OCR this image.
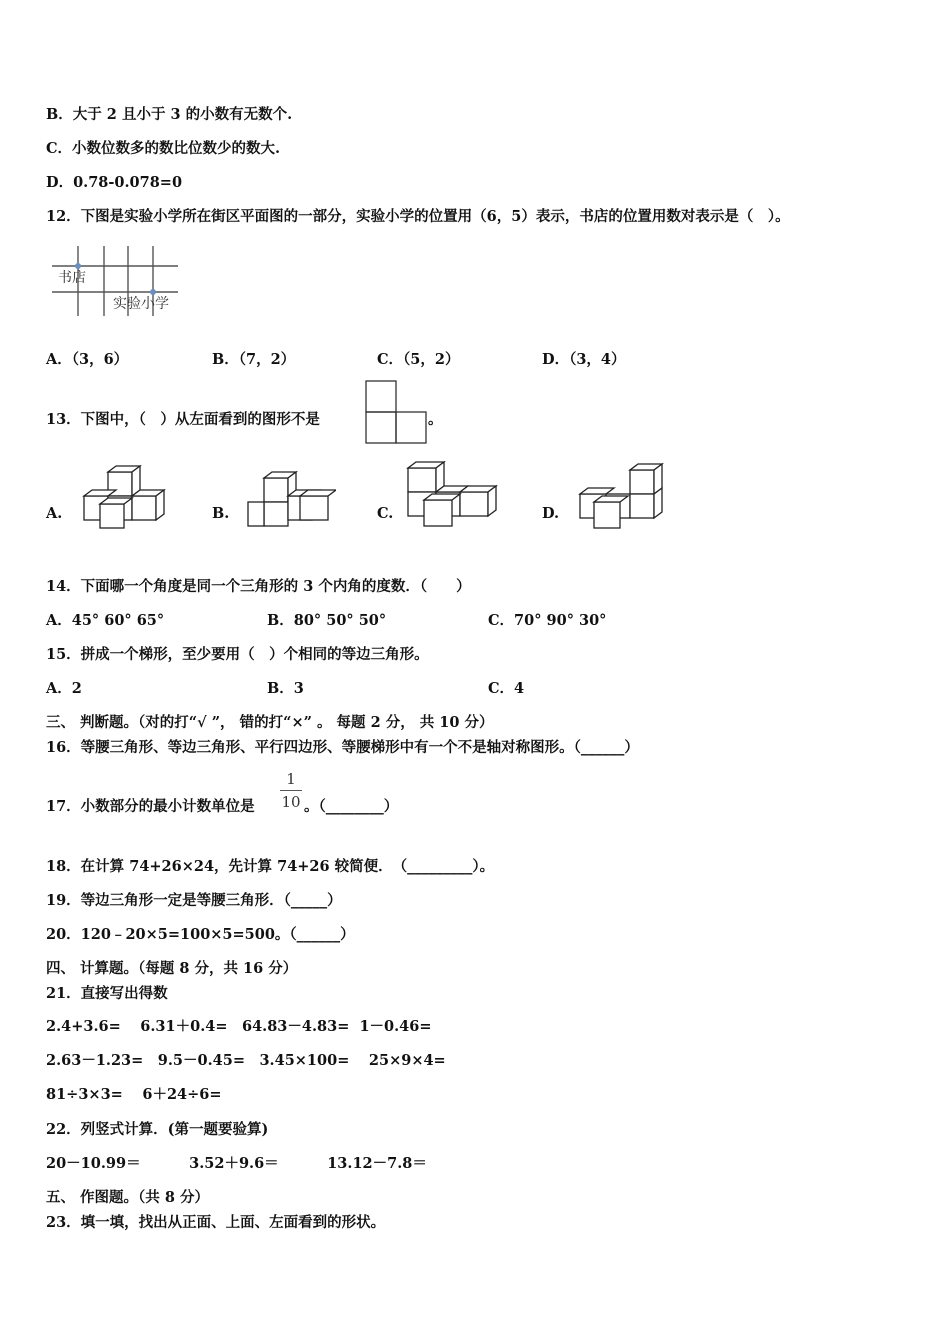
B．大于 2 且小于 3 的小数有无数个.
C．小数位数多的数比位数少的数大.
D．0.78-0.078=0
12．下图是实验小学所在街区平面图的一部分，实验小学的位置用（6，5）表示，书店的位置用数对表示是（　）。
书店
实验小学
A．（3，6）	B．（7，2）	C．（5，2）	D．（3，4）
13．下图中，（　）从左面看到的图形不是	。
A.	B.	C.	D.
14．下面哪一个角度是同一个三角形的 3 个内角的度数．（　　）
A．45° 60° 65°	B．80° 50° 50°	C．70° 90° 30°
15．拼成一个梯形，至少要用（　）个相同的等边三角形。
A．2	B．3	C．4
三、 判断题。（对的打“√ ”， 错的打“×” 。 每题 2 分， 共 10 分）
16．等腰三角形、等边三角形、平行四边形、等腰梯形中有一个不是轴对称图形。（______）
17．小数部分的最小计数单位是
1
10 。（________）
18．在计算 74+26×24，先计算 74+26 较简便．　（_________）。
19．等边三角形一定是等腰三角形．（_____）
20．120﹣20×5=100×5=500。（______）
四、 计算题。（每题 8 分，共 16 分）
21．直接写出得数
2.4+3.6=　 6.31＋0.4=　64.83－4.83=  1－0.46=
2.63－1.23=　9.5－0.45=　3.45×100=　 25×9×4=
81÷3×3=　 6＋24÷6=
22．列竖式计算．(第一题要验算)
20－10.99＝　　　 3.52＋9.6＝　　　 13.12－7.8＝
五、 作图题。（共 8 分）
23．填一填，找出从正面、上面、左面看到的形状。
